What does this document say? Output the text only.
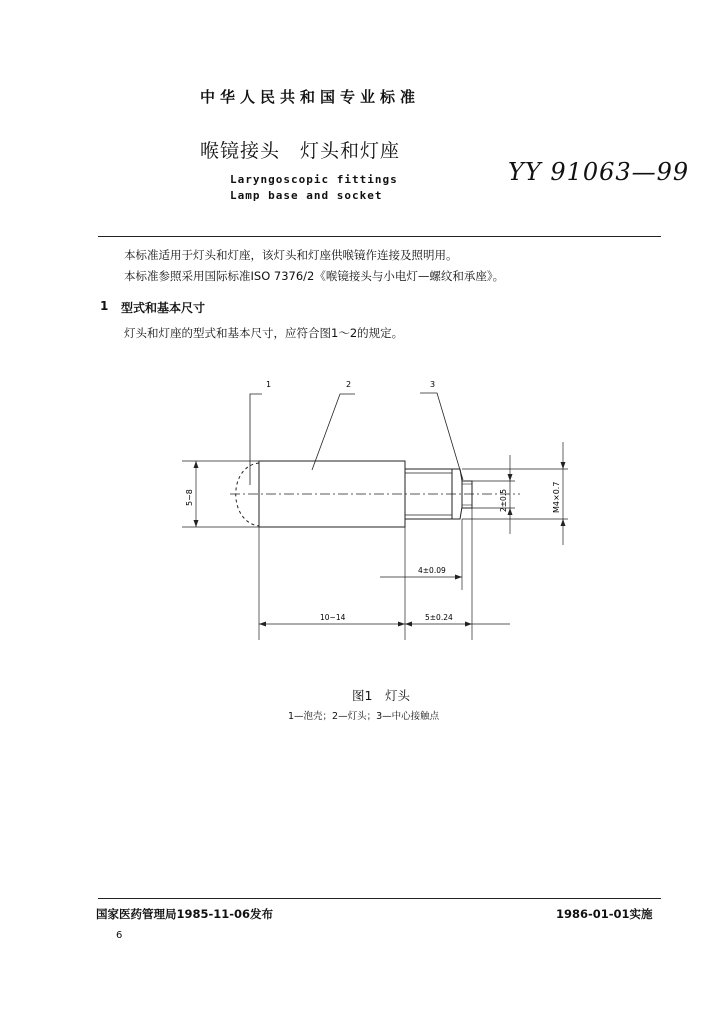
中华人民共和国专业标准
喉镜接头　灯头和灯座
Laryngoscopic fittings
Lamp base and socket
YY 91063—99
本标准适用于灯头和灯座，该灯头和灯座供喉镜作连接及照明用。
本标准参照采用国际标准ISO 7376/2《喉镜接头与小电灯—螺纹和承座》。
1 型式和基本尺寸
灯头和灯座的型式和基本尺寸，应符合图1～2的规定。
1	2	3
5~8	2±0.5	M4×0.7
4±0.09
10~14	5±0.24
图1　灯头
1—泡壳；2—灯头；3—中心接触点
国家医药管理局1985-11-06发布	1986-01-01实施
6
